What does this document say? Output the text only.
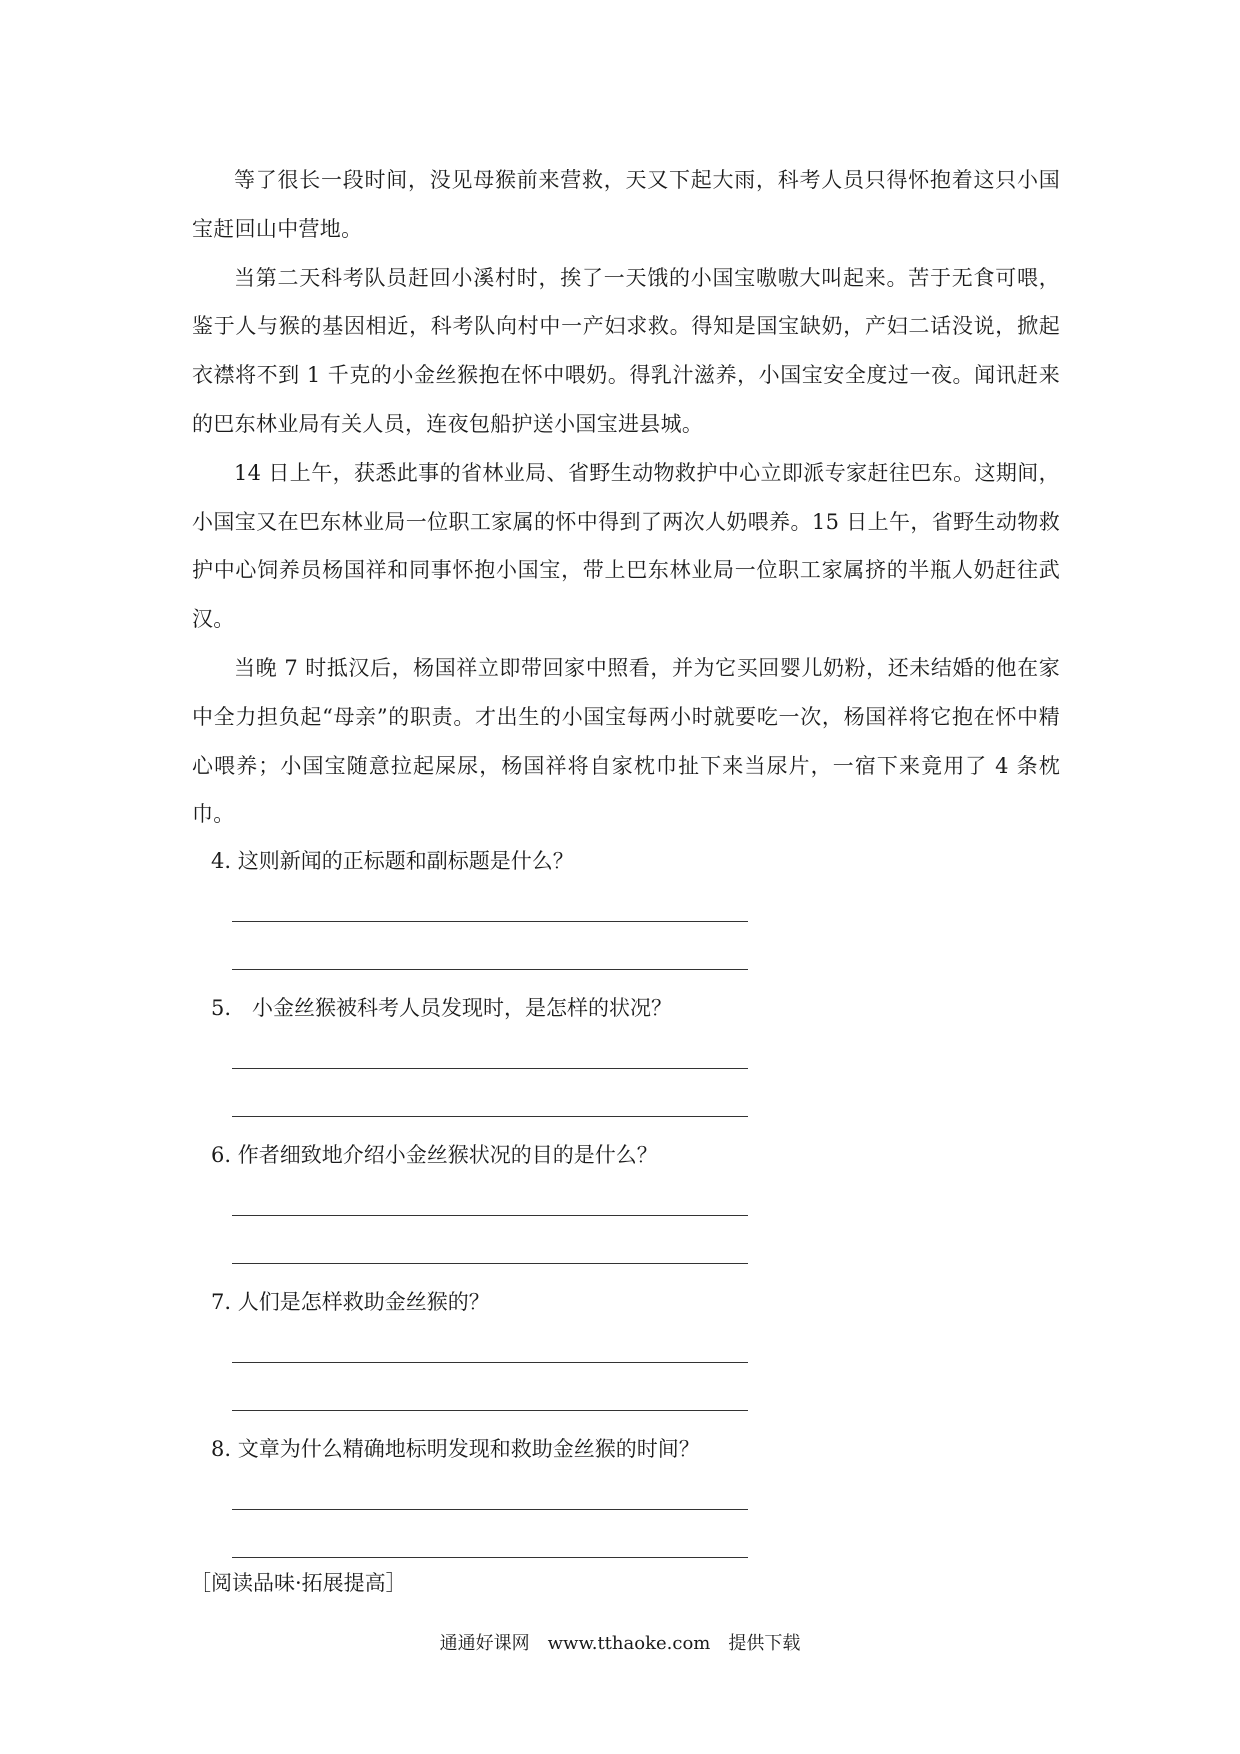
等了很长一段时间，没见母猴前来营救，天又下起大雨，科考人员只得怀抱着这只小国宝赶回山中营地。

当第二天科考队员赶回小溪村时，挨了一天饿的小国宝嗷嗷大叫起来。苦于无食可喂，鉴于人与猴的基因相近，科考队向村中一产妇求救。得知是国宝缺奶，产妇二话没说，掀起衣襟将不到 1 千克的小金丝猴抱在怀中喂奶。得乳汁滋养，小国宝安全度过一夜。闻讯赶来的巴东林业局有关人员，连夜包船护送小国宝进县城。

14 日上午，获悉此事的省林业局、省野生动物救护中心立即派专家赶往巴东。这期间，小国宝又在巴东林业局一位职工家属的怀中得到了两次人奶喂养。15 日上午，省野生动物救护中心饲养员杨国祥和同事怀抱小国宝，带上巴东林业局一位职工家属挤的半瓶人奶赶往武汉。

当晚 7 时抵汉后，杨国祥立即带回家中照看，并为它买回婴儿奶粉，还未结婚的他在家中全力担负起“母亲”的职责。才出生的小国宝每两小时就要吃一次，杨国祥将它抱在怀中精心喂养；小国宝随意拉起屎尿，杨国祥将自家枕巾扯下来当尿片，一宿下来竟用了 4 条枕巾。

4. 这则新闻的正标题和副标题是什么？
5.　小金丝猴被科考人员发现时，是怎样的状况？
6. 作者细致地介绍小金丝猴状况的目的是什么？
7. 人们是怎样救助金丝猴的？
8. 文章为什么精确地标明发现和救助金丝猴的时间？
［阅读品味·拓展提高］
通通好课网　www.tthaoke.com　提供下载
